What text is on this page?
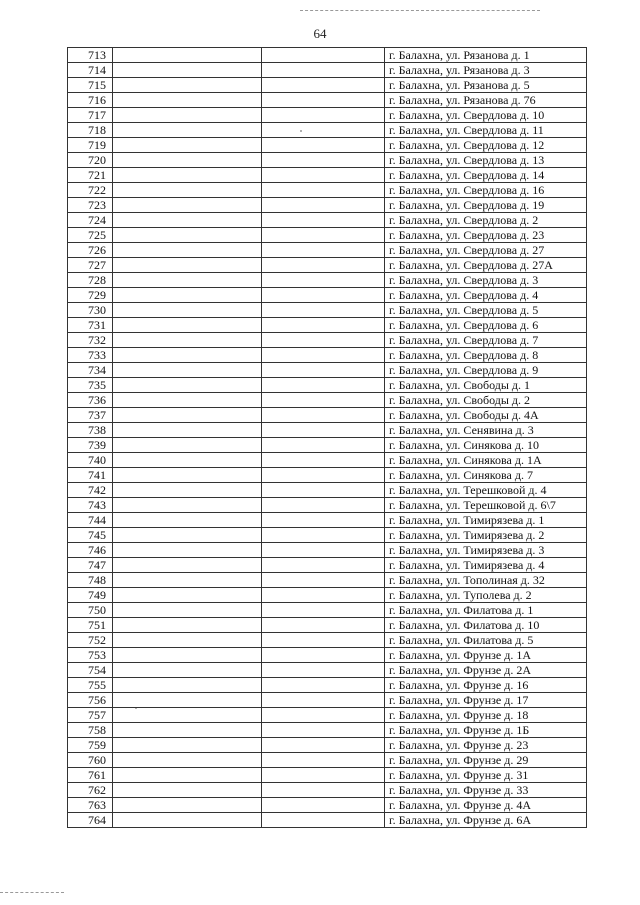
64
713			г. Балахна, ул. Рязанова д. 1
714			г. Балахна, ул. Рязанова д. 3
715			г. Балахна, ул. Рязанова д. 5
716			г. Балахна, ул. Рязанова д. 76
717			г. Балахна, ул. Свердлова д. 10
718			г. Балахна, ул. Свердлова д. 11
719			г. Балахна, ул. Свердлова д. 12
720			г. Балахна, ул. Свердлова д. 13
721			г. Балахна, ул. Свердлова д. 14
722			г. Балахна, ул. Свердлова д. 16
723			г. Балахна, ул. Свердлова д. 19
724			г. Балахна, ул. Свердлова д. 2
725			г. Балахна, ул. Свердлова д. 23
726			г. Балахна, ул. Свердлова д. 27
727			г. Балахна, ул. Свердлова д. 27А
728			г. Балахна, ул. Свердлова д. 3
729			г. Балахна, ул. Свердлова д. 4
730			г. Балахна, ул. Свердлова д. 5
731			г. Балахна, ул. Свердлова д. 6
732			г. Балахна, ул. Свердлова д. 7
733			г. Балахна, ул. Свердлова д. 8
734			г. Балахна, ул. Свердлова д. 9
735			г. Балахна, ул. Свободы д. 1
736			г. Балахна, ул. Свободы д. 2
737			г. Балахна, ул. Свободы д. 4А
738			г. Балахна, ул. Сенявина д. 3
739			г. Балахна, ул. Синякова д. 10
740			г. Балахна, ул. Синякова д. 1А
741			г. Балахна, ул. Синякова д. 7
742			г. Балахна, ул. Терешковой д. 4
743			г. Балахна, ул. Терешковой д. 6\7
744			г. Балахна, ул. Тимирязева д. 1
745			г. Балахна, ул. Тимирязева д. 2
746			г. Балахна, ул. Тимирязева д. 3
747			г. Балахна, ул. Тимирязева д. 4
748			г. Балахна, ул. Тополиная д. 32
749			г. Балахна, ул. Туполева д. 2
750			г. Балахна, ул. Филатова д. 1
751			г. Балахна, ул. Филатова д. 10
752			г. Балахна, ул. Филатова д. 5
753			г. Балахна, ул. Фрунзе д. 1А
754			г. Балахна, ул. Фрунзе д. 2А
755			г. Балахна, ул. Фрунзе д. 16
756			г. Балахна, ул. Фрунзе д. 17
757			г. Балахна, ул. Фрунзе д. 18
758			г. Балахна, ул. Фрунзе д. 1Б
759			г. Балахна, ул. Фрунзе д. 23
760			г. Балахна, ул. Фрунзе д. 29
761			г. Балахна, ул. Фрунзе д. 31
762			г. Балахна, ул. Фрунзе д. 33
763			г. Балахна, ул. Фрунзе д. 4А
764			г. Балахна, ул. Фрунзе д. 6А
